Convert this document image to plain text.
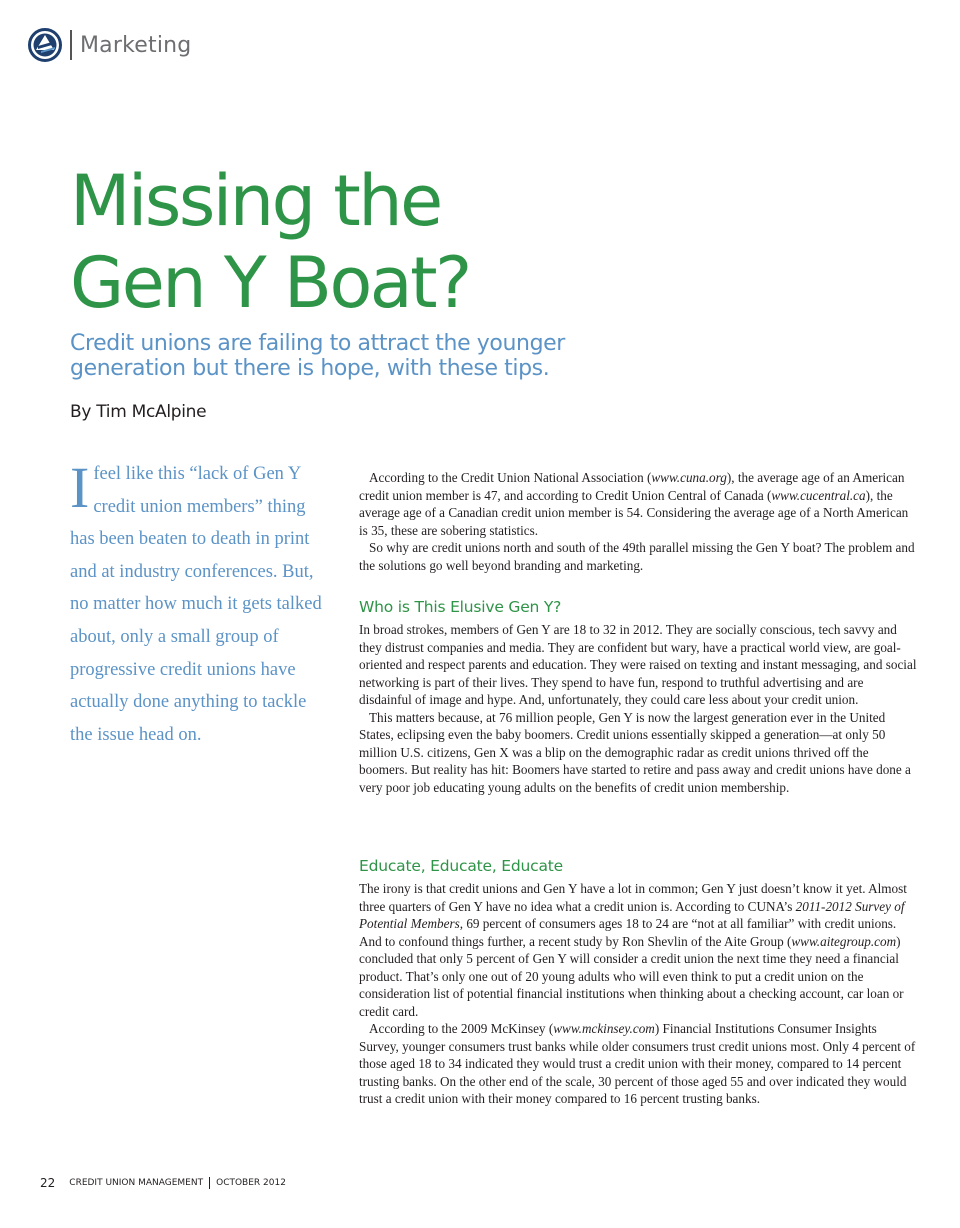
Marketing
Missing the
Gen Y Boat?

Credit unions are failing to attract the younger generation but there is hope, with these tips.

By Tim McAlpine

I feel like this “lack of Gen Y credit union members” thing has been beaten to death in print and at industry conferences. But, no matter how much it gets talked about, only a small group of progressive credit unions have actually done anything to tackle the issue head on.

According to the Credit Union National Association (www.cuna.org), the average age of an American credit union member is 47, and according to Credit Union Central of Canada (www.cucentral.ca), the average age of a Canadian credit union member is 54. Considering the average age of a North American is 35, these are sobering statistics.

So why are credit unions north and south of the 49th parallel missing the Gen Y boat? The problem and the solutions go well beyond branding and marketing.

Who is This Elusive Gen Y?

In broad strokes, members of Gen Y are 18 to 32 in 2012. They are socially conscious, tech savvy and they distrust companies and media. They are confident but wary, have a practical world view, are goal-oriented and respect parents and education. They were raised on texting and instant messaging, and social networking is part of their lives. They spend to have fun, respond to truthful advertising and are disdainful of image and hype. And, unfortunately, they could care less about your credit union.

This matters because, at 76 million people, Gen Y is now the largest generation ever in the United States, eclipsing even the baby boomers. Credit unions essentially skipped a generation—at only 50 million U.S. citizens, Gen X was a blip on the demographic radar as credit unions thrived off the boomers. But reality has hit: Boomers have started to retire and pass away and credit unions have done a very poor job educating young adults on the benefits of credit union membership.

Educate, Educate, Educate

The irony is that credit unions and Gen Y have a lot in common; Gen Y just doesn’t know it yet. Almost three quarters of Gen Y have no idea what a credit union is. According to CUNA’s 2011-2012 Survey of Potential Members, 69 percent of consumers ages 18 to 24 are “not at all familiar” with credit unions. And to confound things further, a recent study by Ron Shevlin of the Aite Group (www.aitegroup.com) concluded that only 5 percent of Gen Y will consider a credit union the next time they need a financial product. That’s only one out of 20 young adults who will even think to put a credit union on the consideration list of potential financial institutions when thinking about a checking account, car loan or credit card.

According to the 2009 McKinsey (www.mckinsey.com) Financial Institutions Consumer Insights Survey, younger consumers trust banks while older consumers trust credit unions most. Only 4 percent of those aged 18 to 34 indicated they would trust a credit union with their money, compared to 14 percent trusting banks. On the other end of the scale, 30 percent of those aged 55 and over indicated they would trust a credit union with their money compared to 16 percent trusting banks.

22 CREDIT UNION MANAGEMENT OCTOBER 2012
